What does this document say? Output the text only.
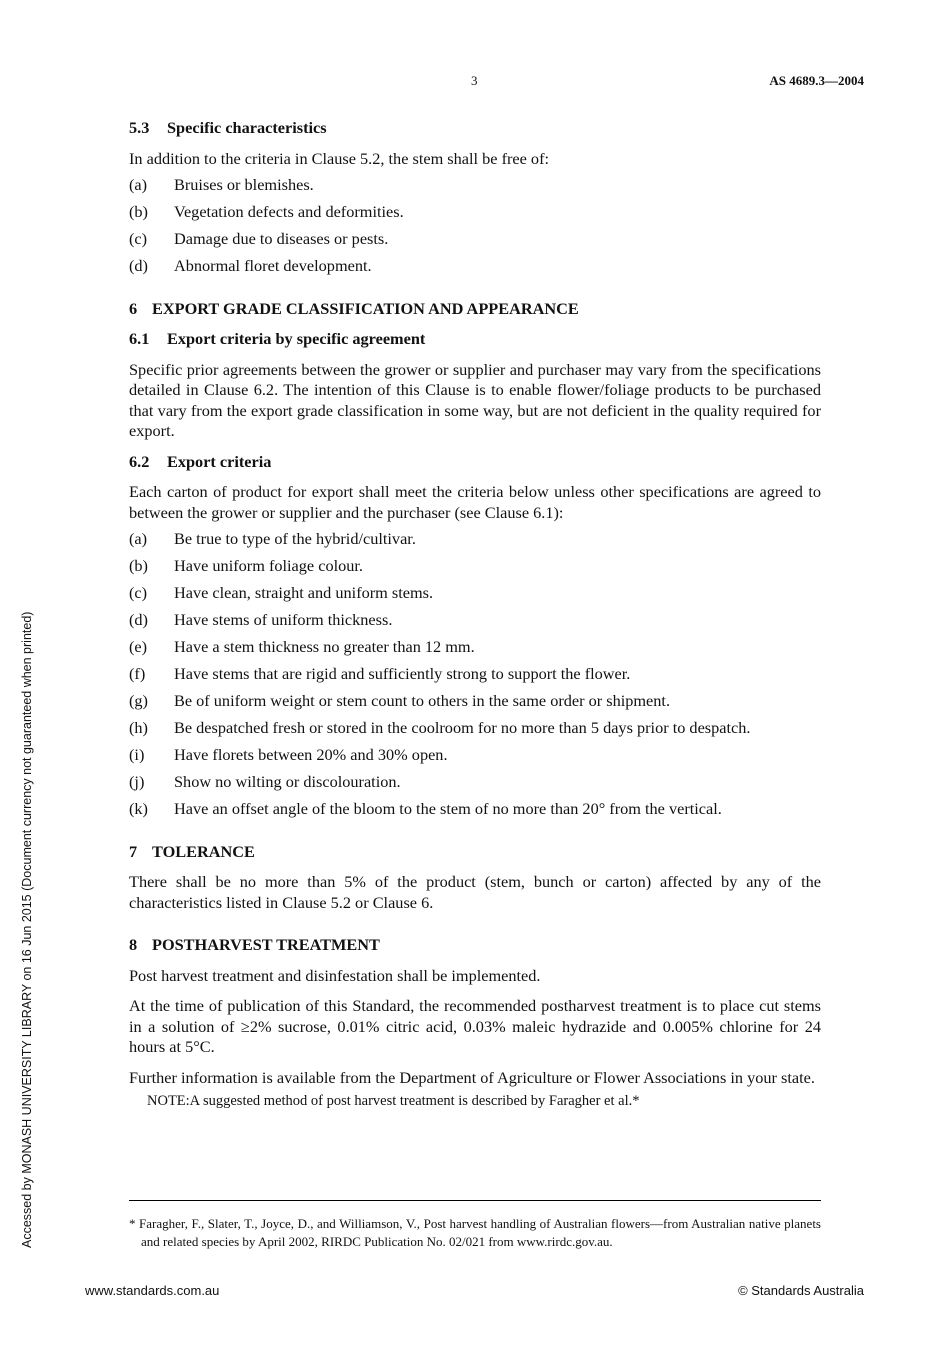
3	AS 4689.3—2004
5.3 Specific characteristics

In addition to the criteria in Clause 5.2, the stem shall be free of:

(a)	Bruises or blemishes.
(b)	Vegetation defects and deformities.
(c)	Damage due to diseases or pests.
(d)	Abnormal floret development.
6 EXPORT GRADE CLASSIFICATION AND APPEARANCE
6.1 Export criteria by specific agreement

Specific prior agreements between the grower or supplier and purchaser may vary from the specifications detailed in Clause 6.2. The intention of this Clause is to enable flower/foliage products to be purchased that vary from the export grade classification in some way, but are not deficient in the quality required for export.

6.2 Export criteria

Each carton of product for export shall meet the criteria below unless other specifications are agreed to between the grower or supplier and the purchaser (see Clause 6.1):

(a)	Be true to type of the hybrid/cultivar.
(b)	Have uniform foliage colour.
(c)	Have clean, straight and uniform stems.
(d)	Have stems of uniform thickness.
(e)	Have a stem thickness no greater than 12 mm.
(f)	Have stems that are rigid and sufficiently strong to support the flower.
(g)	Be of uniform weight or stem count to others in the same order or shipment.
(h)	Be despatched fresh or stored in the coolroom for no more than 5 days prior to despatch.
(i)	Have florets between 20% and 30% open.
(j)	Show no wilting or discolouration.
(k)	Have an offset angle of the bloom to the stem of no more than 20° from the vertical.
7 TOLERANCE

There shall be no more than 5% of the product (stem, bunch or carton) affected by any of the characteristics listed in Clause 5.2 or Clause 6.

8 POSTHARVEST TREATMENT

Post harvest treatment and disinfestation shall be implemented.

At the time of publication of this Standard, the recommended postharvest treatment is to place cut stems in a solution of ≥2% sucrose, 0.01% citric acid, 0.03% maleic hydrazide and 0.005% chlorine for 24 hours at 5°C.

Further information is available from the Department of Agriculture or Flower Associations in your state.

NOTE:A suggested method of post harvest treatment is described by Faragher et al.*

* Faragher, F., Slater, T., Joyce, D., and Williamson, V., Post harvest handling of Australian flowers—from Australian native planets and related species by April 2002, RIRDC Publication No. 02/021 from www.rirdc.gov.au.
www.standards.com.au	© Standards Australia
Accessed by MONASH UNIVERSITY LIBRARY on 16 Jun 2015 (Document currency not guaranteed when printed)
